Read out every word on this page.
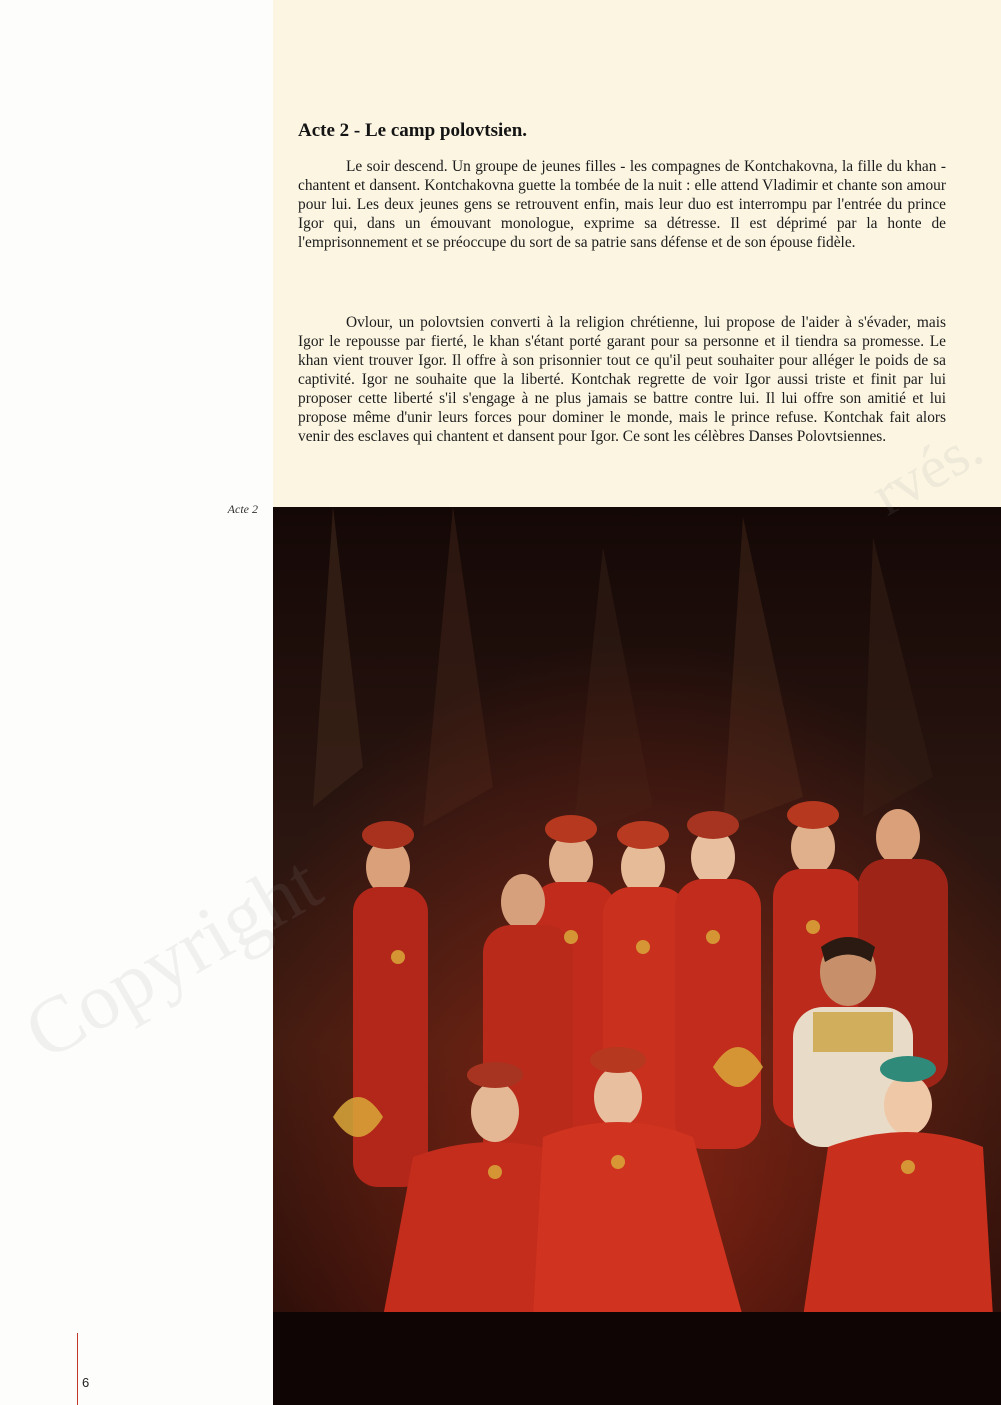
Acte 2 - Le camp polovtsien.

Le soir descend. Un groupe de jeunes filles - les compagnes de Kontchakovna, la fille du khan - chantent et dansent. Kontchakovna guette la tombée de la nuit : elle attend Vladimir et chante son amour pour lui. Les deux jeunes gens se retrouvent enfin, mais leur duo est interrompu par l'entrée du prince Igor qui, dans un émouvant monologue, exprime sa détresse. Il est déprimé par la honte de l'emprisonnement et se préoccupe du sort de sa patrie sans défense et de son épouse fidèle.

Ovlour, un polovtsien converti à la religion chrétienne, lui propose de l'aider à s'évader, mais Igor le repousse par fierté, le khan s'étant porté garant pour sa personne et il tiendra sa promesse. Le khan vient trouver Igor. Il offre à son prisonnier tout ce qu'il peut souhaiter pour alléger le poids de sa captivité. Igor ne souhaite que la liberté. Kontchak regrette de voir Igor aussi triste et finit par lui proposer cette liberté s'il s'engage à ne plus jamais se battre contre lui. Il lui offre son amitié et lui propose même d'unir leurs forces pour dominer le monde, mais le prince refuse. Kontchak fait alors venir des esclaves qui chantent et dansent pour Igor. Ce sont les célèbres Danses Polovtsiennes.

Acte 2
6
